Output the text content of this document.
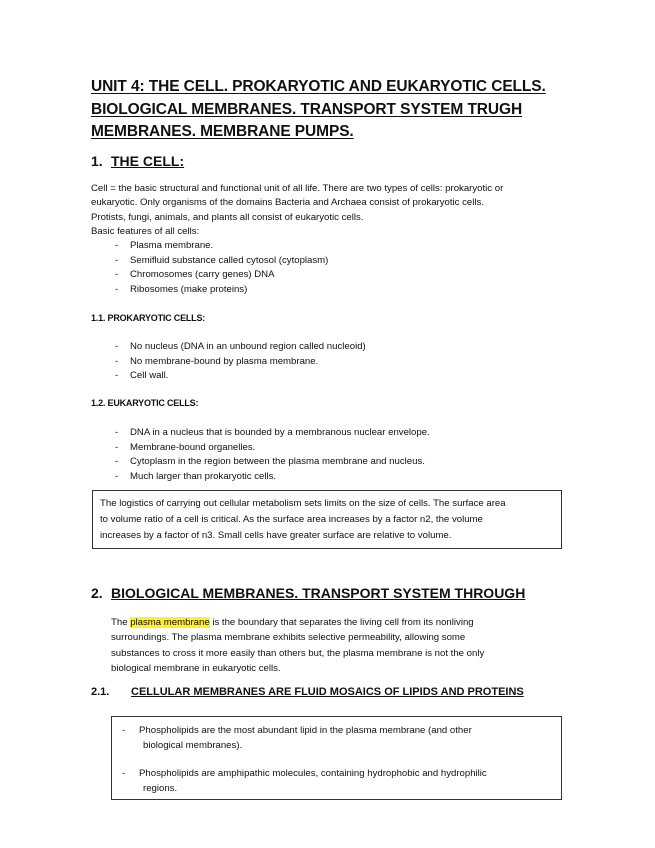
UNIT 4: THE CELL. PROKARYOTIC AND EUKARYOTIC CELLS. BIOLOGICAL MEMBRANES. TRANSPORT SYSTEM TRUGH MEMBRANES. MEMBRANE PUMPS.
1. THE CELL:
Cell = the basic structural and functional unit of all life. There are two types of cells: prokaryotic or
eukaryotic. Only organisms of the domains Bacteria and Archaea consist of prokaryotic cells.
Protists, fungi, animals, and plants all consist of eukaryotic cells.
Basic features of all cells:
- Plasma membrane.
- Semifluid substance called cytosol (cytoplasm)
- Chromosomes (carry genes) DNA
- Ribosomes (make proteins)
1.1. PROKARYOTIC CELLS:
- No nucleus (DNA in an unbound region called nucleoid)
- No membrane-bound by plasma membrane.
- Cell wall.
1.2. EUKARYOTIC CELLS:
- DNA in a nucleus that is bounded by a membranous nuclear envelope.
- Membrane-bound organelles.
- Cytoplasm in the region between the plasma membrane and nucleus.
- Much larger than prokaryotic cells.
The logistics of carrying out cellular metabolism sets limits on the size of cells. The surface area
to volume ratio of a cell is critical. As the surface area increases by a factor n2, the volume
increases by a factor of n3. Small cells have greater surface are relative to volume.
2. BIOLOGICAL MEMBRANES. TRANSPORT SYSTEM THROUGH
The plasma membrane is the boundary that separates the living cell from its nonliving
surroundings. The plasma membrane exhibits selective permeability, allowing some
substances to cross it more easily than others but, the plasma membrane is not the only
biological membrane in eukaryotic cells.
2.1. CELLULAR MEMBRANES ARE FLUID MOSAICS OF LIPIDS AND PROTEINS
- Phospholipids are the most abundant lipid in the plasma membrane (and other
biological membranes).
- Phospholipids are amphipathic molecules, containing hydrophobic and hydrophilic
regions.
